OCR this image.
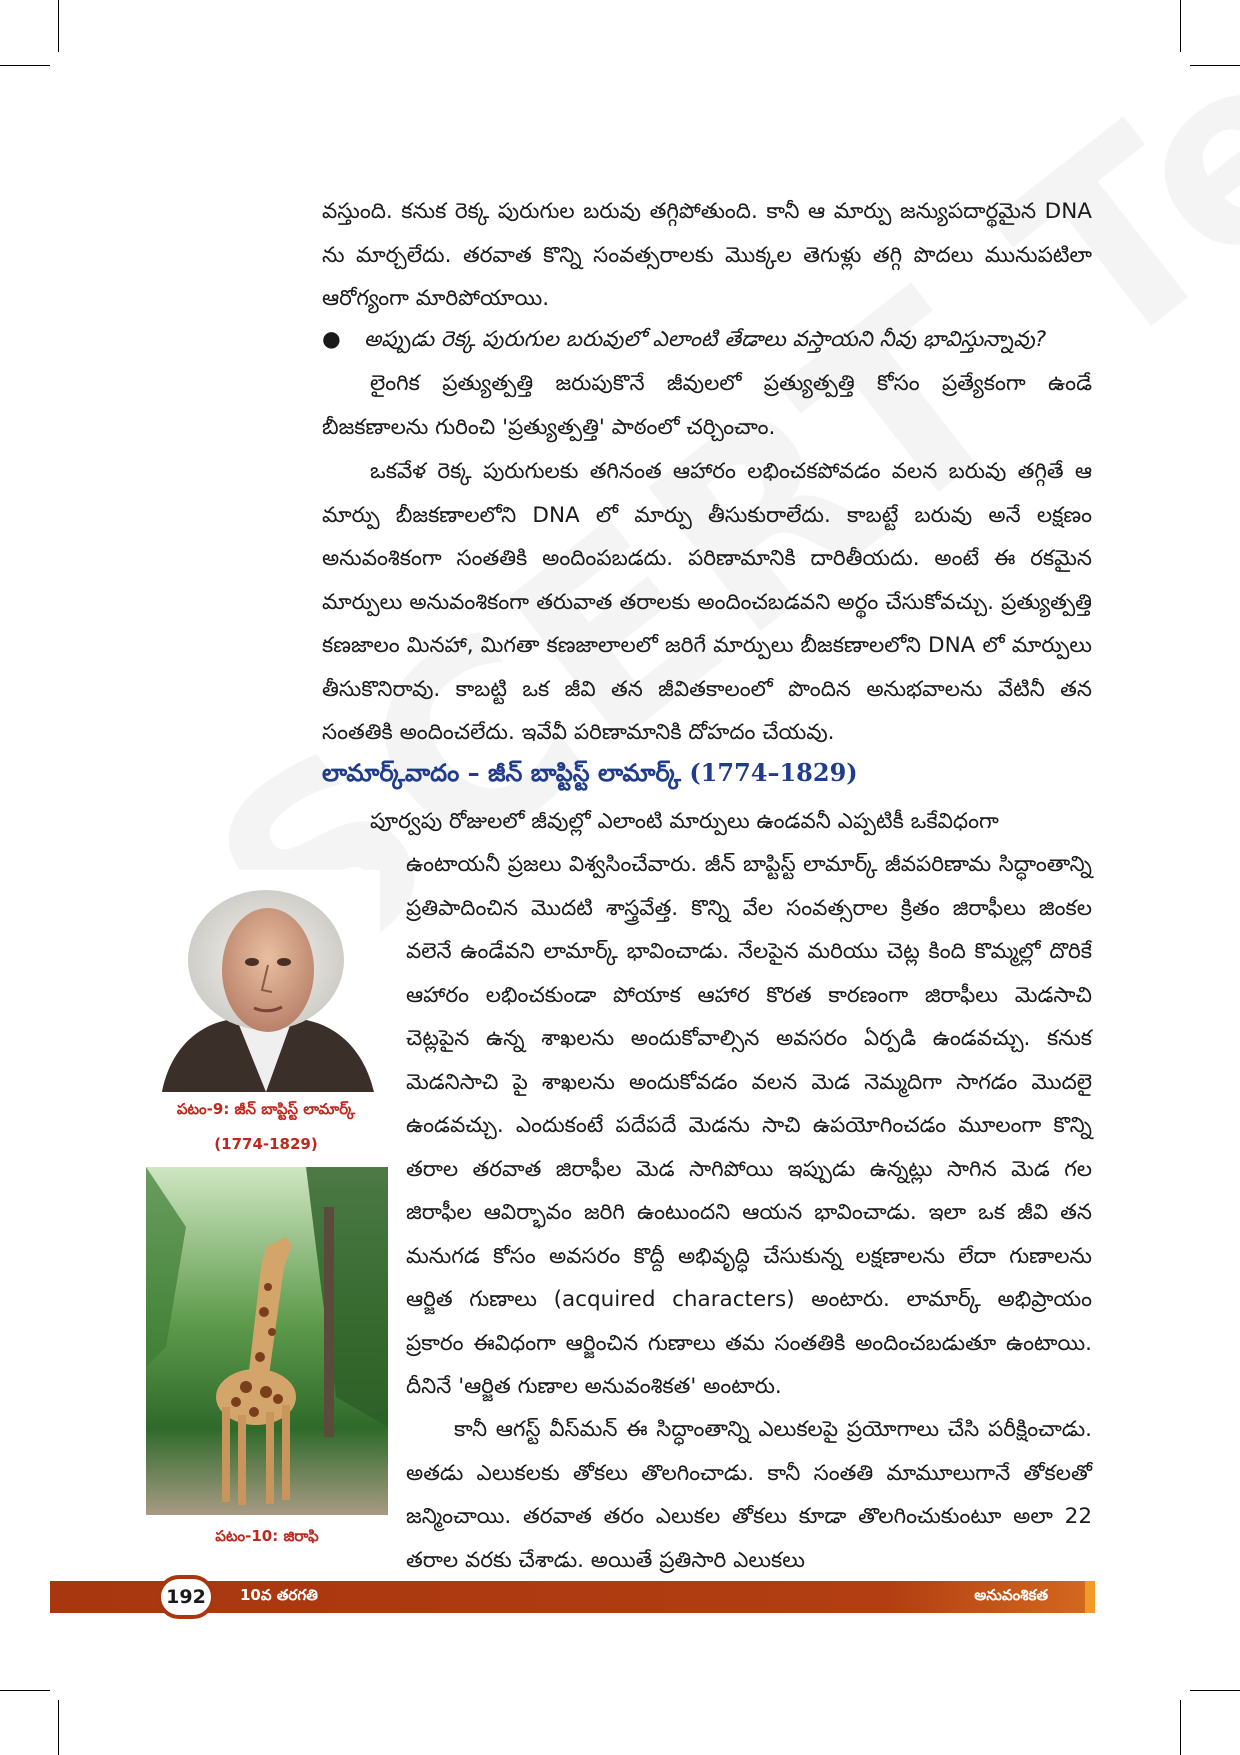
వస్తుంది. కనుక రెక్క పురుగుల బరువు తగ్గిపోతుంది. కానీ ఆ మార్పు జన్యుపదార్థమైన DNA ను మార్చలేదు. తరవాత కొన్ని సంవత్సరాలకు మొక్కల తెగుళ్లు తగ్గి పొదలు మునుపటిలా ఆరోగ్యంగా మారిపోయాయి.

● అప్పుడు రెక్క పురుగుల బరువులో ఎలాంటి తేడాలు వస్తాయని నీవు భావిస్తున్నావు?

లైంగిక ప్రత్యుత్పత్తి జరుపుకొనే జీవులలో ప్రత్యుత్పత్తి కోసం ప్రత్యేకంగా ఉండే బీజకణాలను గురించి 'ప్రత్యుత్పత్తి' పాఠంలో చర్చించాం.

ఒకవేళ రెక్క పురుగులకు తగినంత ఆహారం లభించకపోవడం వలన బరువు తగ్గితే ఆ మార్పు బీజకణాలలోని DNA లో మార్పు తీసుకురాలేదు. కాబట్టే బరువు అనే లక్షణం అనువంశికంగా సంతతికి అందింపబడదు. పరిణామానికి దారితీయదు. అంటే ఈ రకమైన మార్పులు అనువంశికంగా తరువాత తరాలకు అందించబడవని అర్థం చేసుకోవచ్చు. ప్రత్యుత్పత్తి కణజాలం మినహా, మిగతా కణజాలాలలో జరిగే మార్పులు బీజకణాలలోని DNA లో మార్పులు తీసుకొనిరావు. కాబట్టి ఒక జీవి తన జీవితకాలంలో పొందిన అనుభవాలను వేటినీ తన సంతతికి అందించలేదు. ఇవేవీ పరిణామానికి దోహదం చేయవు.

లామార్క్‌వాదం – జీన్ బాప్టిస్ట్ లామార్క్ (1774–1829)

పూర్వపు రోజులలో జీవుల్లో ఎలాంటి మార్పులు ఉండవనీ ఎప్పటికీ ఒకేవిధంగా

ఉంటాయనీ ప్రజలు విశ్వసించేవారు. జీన్ బాప్టిస్ట్ లామార్క్ జీవపరిణామ సిద్ధాంతాన్ని ప్రతిపాదించిన మొదటి శాస్త్రవేత్త. కొన్ని వేల సంవత్సరాల క్రితం జిరాఫీలు జింకల వలెనే ఉండేవని లామార్క్ భావించాడు. నేలపైన మరియు చెట్ల కింది కొమ్మల్లో దొరికే ఆహారం లభించకుండా పోయాక ఆహార కొరత కారణంగా జిరాఫీలు మెడసాచి చెట్లపైన ఉన్న శాఖలను అందుకోవాల్సిన అవసరం ఏర్పడి ఉండవచ్చు. కనుక మెడనిసాచి పై శాఖలను అందుకోవడం వలన మెడ నెమ్మదిగా సాగడం మొదలై ఉండవచ్చు. ఎందుకంటే పదేపదే మెడను సాచి ఉపయోగించడం మూలంగా కొన్ని తరాల తరవాత జిరాఫీల మెడ సాగిపోయి ఇప్పుడు ఉన్నట్లు సాగిన మెడ గల జిరాఫీల ఆవిర్భావం జరిగి ఉంటుందని ఆయన భావించాడు. ఇలా ఒక జీవి తన మనుగడ కోసం అవసరం కొద్దీ అభివృద్ధి చేసుకున్న లక్షణాలను లేదా గుణాలను ఆర్జిత గుణాలు (acquired characters) అంటారు. లామార్క్ అభిప్రాయం ప్రకారం ఈవిధంగా ఆర్జించిన గుణాలు తమ సంతతికి అందించబడుతూ ఉంటాయి. దీనినే 'ఆర్జిత గుణాల అనువంశికత' అంటారు.

కానీ ఆగస్ట్ వీస్‌మన్ ఈ సిద్ధాంతాన్ని ఎలుకలపై ప్రయోగాలు చేసి పరీక్షించాడు. అతడు ఎలుకలకు తోకలు తొలగించాడు. కానీ సంతతి మామూలుగానే తోకలతో జన్మించాయి. తరవాత తరం ఎలుకల తోకలు కూడా తొలగించుకుంటూ అలా 22 తరాల వరకు చేశాడు. అయితే ప్రతిసారి ఎలుకలు

పటం-9: జీన్ బాప్టిస్ట్ లామార్క్
(1774-1829)
పటం-10: జిరాఫి
192	10వ తరగతి	అనువంశికత
